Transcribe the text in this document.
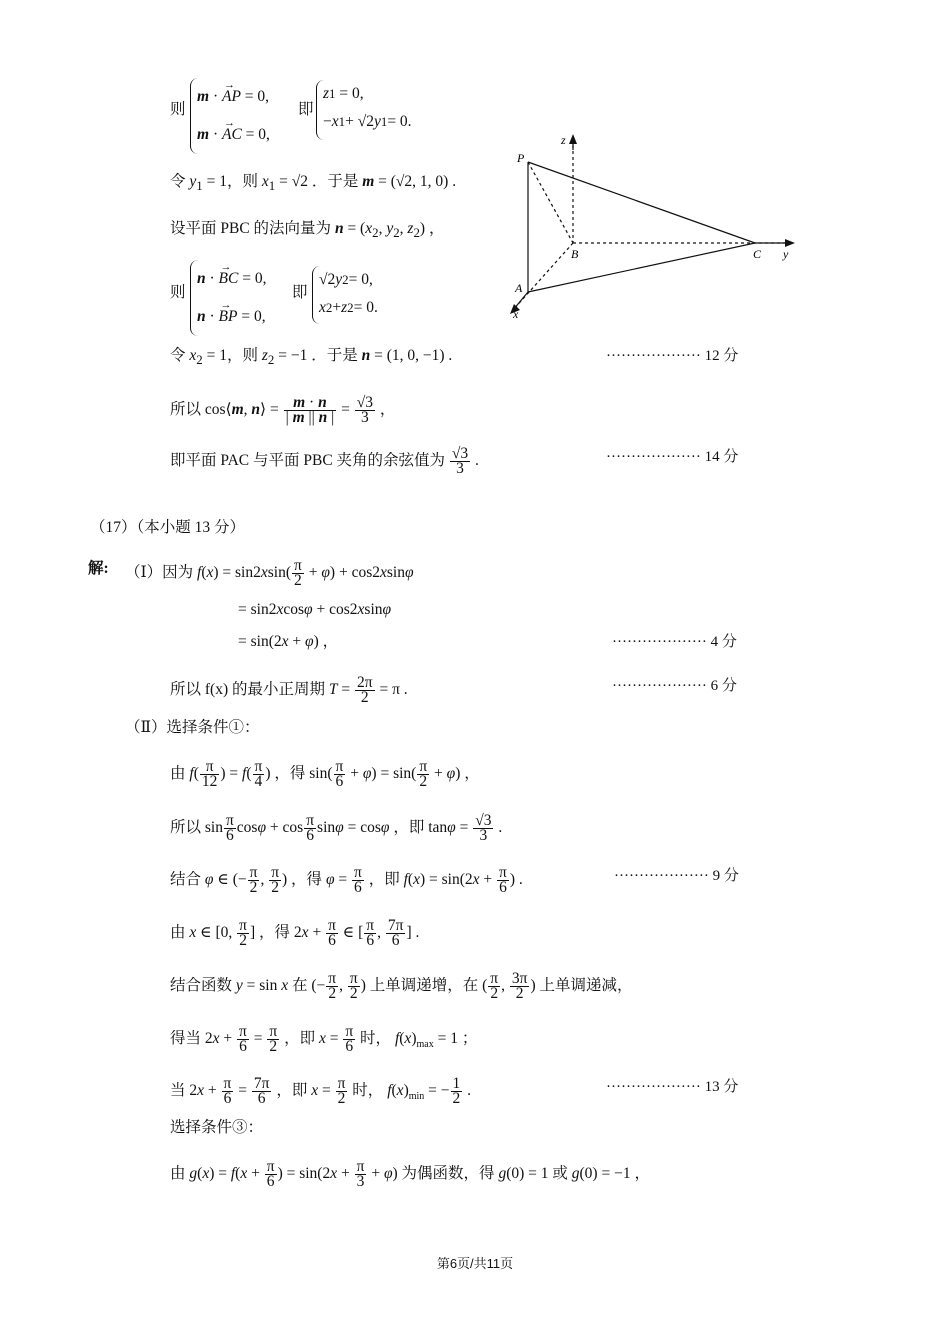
则
m · → AP = 0,
m · → AC = 0,
即
z 1 = 0,
− x 1 + √2 y 1 = 0.
令 $y_1 = 1$，则 $x_1 = √2$ ．于是 m = (√2, 1, 0) .
设平面 PBC 的法向量为 $n = (x_2$, $y_2$, $z_2$) ，
则
n · → BC = 0,
n · → BP = 0,
即
√2 y 2 = 0,
x 2 + z 2 = 0.
令 $x_2 = 1$，则 $z_2 = -1$ ．于是 n = (1, 0, −1) .	··················· 12 分
所以 cos⟨m, n⟩ = $\frac{m \cdot n}{| m || n |} = \frac{√3}{3}$ ，
即平面 PAC 与平面 PBC 夹角的余弦值为 $\frac{√3}{3}$ .	··················· 14 分
P
A
B	C y
z
x
（17）（本小题 13 分）
解: （Ⅰ）因为 $f(x) = \sin 2xsin( \frac{\pi}{2} + \varphi) + \cos 2xsin\varphi$
= sin2xcosφ + cos2xsinφ
= sin(2x + φ) ，	··················· 4 分
所以 f(x) 的最小正周期 $T = \frac{2\pi}{2} = \pi$ .	··················· 6 分
（Ⅱ）选择条件①：
由 $f( \frac{\pi}{12}$ ) = $f( \frac{\pi}{4}$ ) ，得 $\sin( \frac{\pi}{6} + \varphi) = \sin( \frac{\pi}{2} + \varphi)$ ，
所以 $\sin \frac{\pi}{6}$ $\cos\varphi + \cos \frac{\pi}{6}$ sinφ = cosφ ，即 $\tan\varphi = \frac{√3}{3}$ .
结合 φ ∈ (− $\frac{\pi}{2}$ , $\frac{\pi}{2}$ ) ，得 $\varphi = \frac{\pi}{6}$ ，即 $f(x) = \sin(2x + \frac{\pi}{6}$ ) .	··················· 9 分
由 x ∈ [0, $\frac{\pi}{2}$ ] ，得 $2x + \frac{\pi}{6}$ ∈ [ $\frac{\pi}{6}$ , $\frac{7\pi}{6}$ ] .
结合函数 y = sin x 在 (− $\frac{\pi}{2}$ , $\frac{\pi}{2}$ ) 上单调递增，在 ( $\frac{\pi}{2}$ , $\frac{3\pi}{2}$ ) 上单调递减，
得当 $2x + \frac{\pi}{6} = \frac{\pi}{2}$ ，即 $x = \frac{\pi}{6}$ 时， $f(x)_{max} = 1$ ；
当 $2x + \frac{\pi}{6} = \frac{7\pi}{6}$ ，即 $x = \frac{\pi}{2}$ 时， $f(x)_{min}$ = − $\frac{1}{2}$ .	··················· 13 分
选择条件③：
由 $g(x) = f(x + \frac{\pi}{6}$ ) = $\sin(2x + \frac{\pi}{3} + \varphi)$ 为偶函数，得 g(0) = 1 或 g(0) = −1 ，
第6页/共11页
